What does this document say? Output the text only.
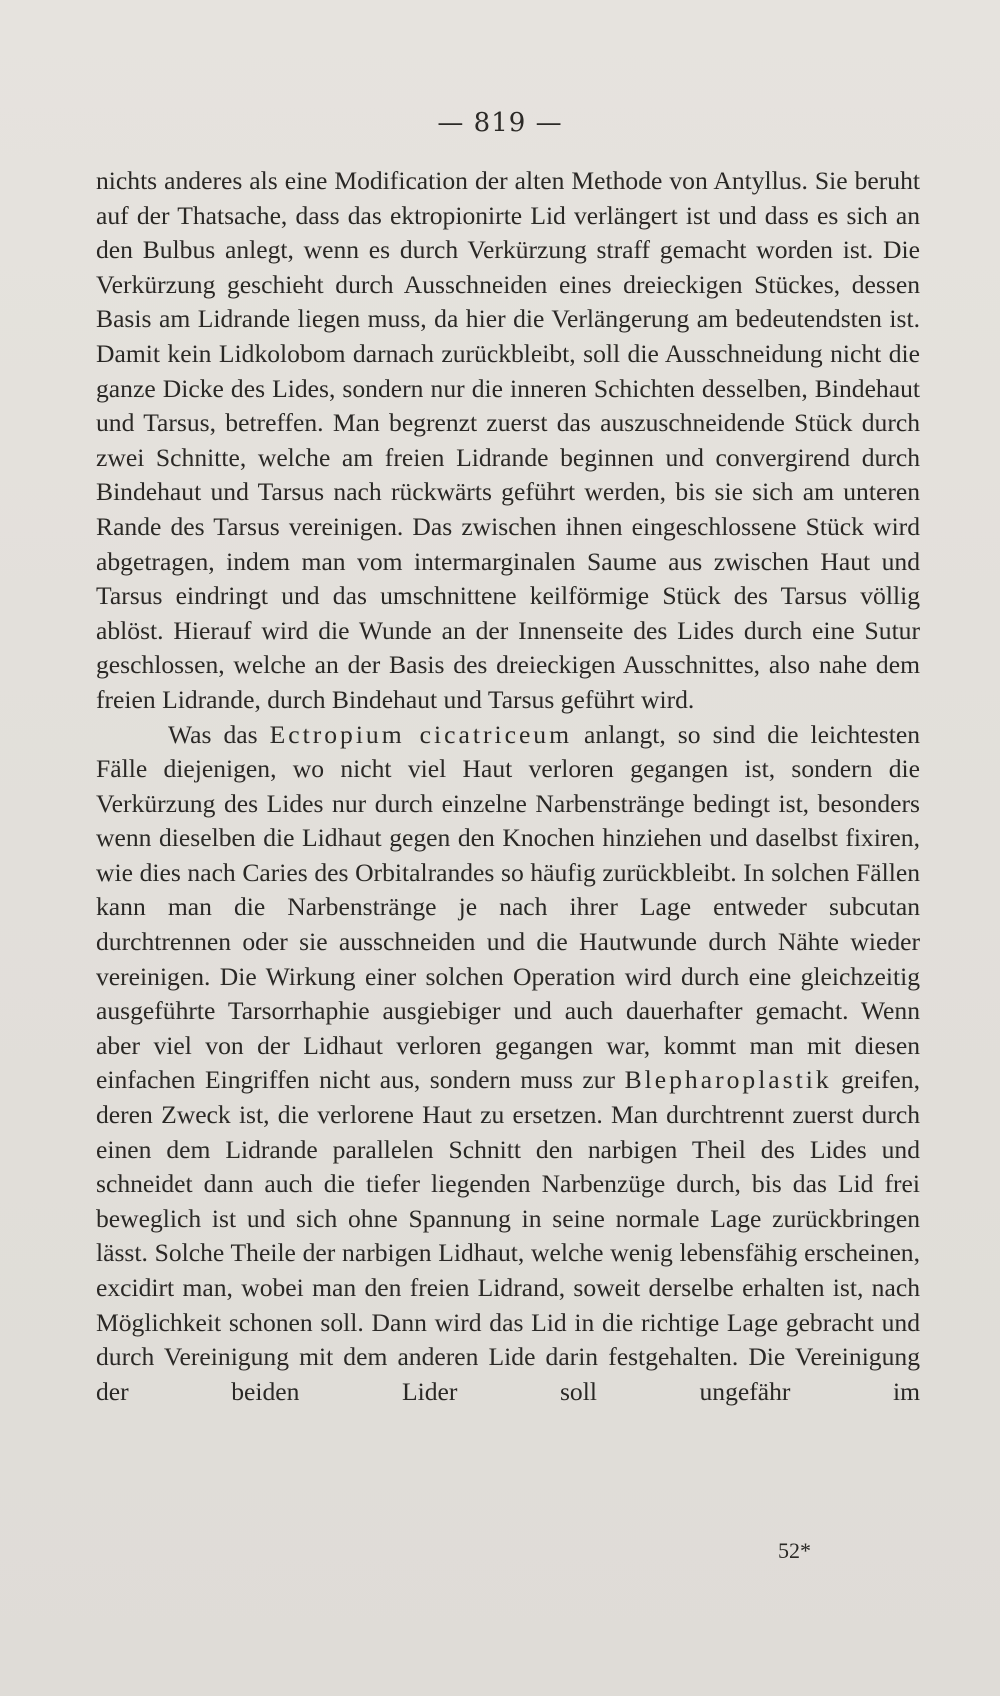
— 819 —

nichts anderes als eine Modification der alten Methode von Antyllus. Sie beruht auf der Thatsache, dass das ektropionirte Lid verlängert ist und dass es sich an den Bulbus anlegt, wenn es durch Verkürzung straff gemacht worden ist. Die Verkürzung geschieht durch Ausschneiden eines dreieckigen Stückes, dessen Basis am Lidrande liegen muss, da hier die Verlängerung am bedeutendsten ist. Damit kein Lidkolobom darnach zurückbleibt, soll die Ausschneidung nicht die ganze Dicke des Lides, sondern nur die inneren Schichten desselben, Bindehaut und Tarsus, betreffen. Man begrenzt zuerst das auszuschneidende Stück durch zwei Schnitte, welche am freien Lidrande beginnen und convergirend durch Bindehaut und Tarsus nach rückwärts geführt werden, bis sie sich am unteren Rande des Tarsus vereinigen. Das zwischen ihnen eingeschlossene Stück wird abgetragen, indem man vom intermarginalen Saume aus zwischen Haut und Tarsus eindringt und das umschnittene keilförmige Stück des Tarsus völlig ablöst. Hierauf wird die Wunde an der Innenseite des Lides durch eine Sutur geschlossen, welche an der Basis des dreieckigen Ausschnittes, also nahe dem freien Lidrande, durch Bindehaut und Tarsus geführt wird.

Was das Ectropium cicatriceum anlangt, so sind die leichtesten Fälle diejenigen, wo nicht viel Haut verloren gegangen ist, sondern die Verkürzung des Lides nur durch einzelne Narbenstränge bedingt ist, besonders wenn dieselben die Lidhaut gegen den Knochen hinziehen und daselbst fixiren, wie dies nach Caries des Orbitalrandes so häufig zurückbleibt. In solchen Fällen kann man die Narbenstränge je nach ihrer Lage entweder subcutan durchtrennen oder sie ausschneiden und die Hautwunde durch Nähte wieder vereinigen. Die Wirkung einer solchen Operation wird durch eine gleichzeitig ausgeführte Tarsorrhaphie ausgiebiger und auch dauerhafter gemacht. Wenn aber viel von der Lidhaut verloren gegangen war, kommt man mit diesen einfachen Eingriffen nicht aus, sondern muss zur Blepharoplastik greifen, deren Zweck ist, die verlorene Haut zu ersetzen. Man durchtrennt zuerst durch einen dem Lidrande parallelen Schnitt den narbigen Theil des Lides und schneidet dann auch die tiefer liegenden Narbenzüge durch, bis das Lid frei beweglich ist und sich ohne Spannung in seine normale Lage zurückbringen lässt. Solche Theile der narbigen Lidhaut, welche wenig lebensfähig erscheinen, excidirt man, wobei man den freien Lidrand, soweit derselbe erhalten ist, nach Möglichkeit schonen soll. Dann wird das Lid in die richtige Lage gebracht und durch Vereinigung mit dem anderen Lide darin festgehalten. Die Vereinigung der beiden Lider soll ungefähr im

52*
